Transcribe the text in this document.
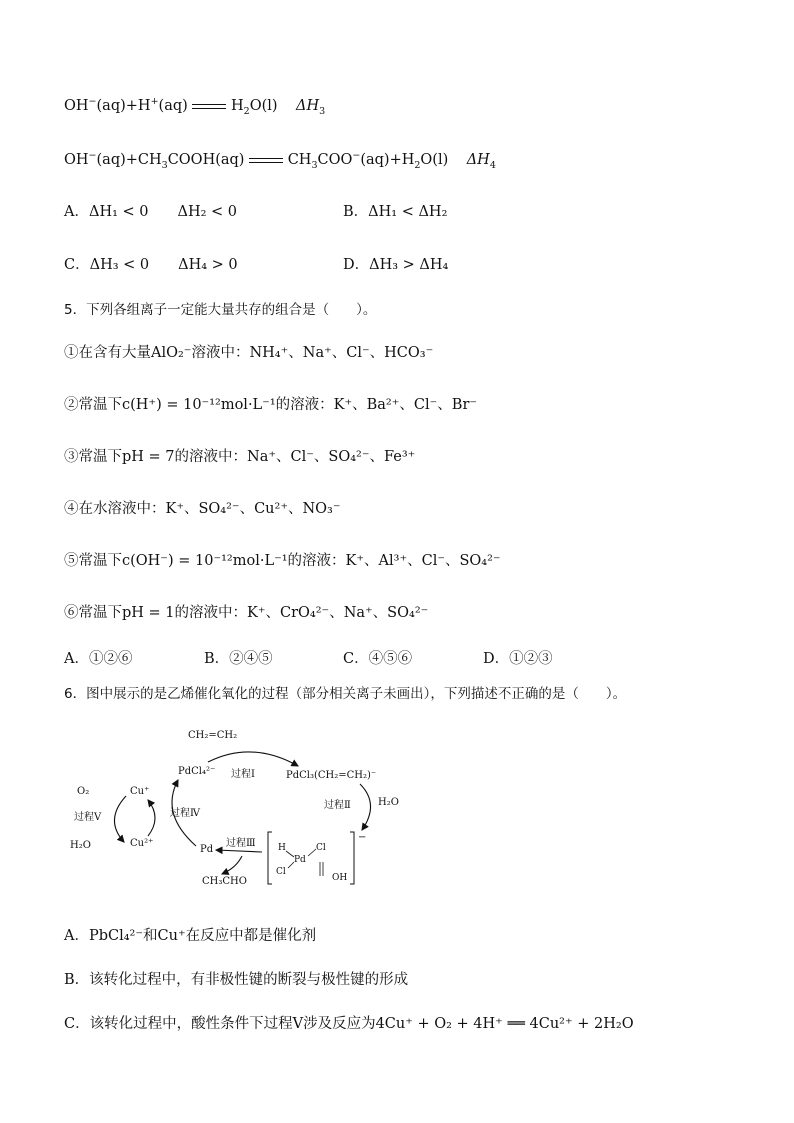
OH−(aq)+H+(aq)	$H_2O(l)$ $\Delta H_3$
$OH^-(aq)+CH_3COOH(aq)$	$CH_3COO^-(aq)+H_2O(l)$ $\Delta H_4$
A．ΔH₁ < 0　　ΔH₂ < 0	B．ΔH₁ < ΔH₂
C．ΔH₃ < 0　　ΔH₄ > 0	D．ΔH₃ > ΔH₄
5．下列各组离子一定能大量共存的组合是（　　）。
①在含有大量AlO₂⁻溶液中：NH₄⁺、Na⁺、Cl⁻、HCO₃⁻
②常温下c(H⁺) = 10⁻¹²mol·L⁻¹的溶液：K⁺、Ba²⁺、Cl⁻、Br⁻
③常温下pH = 7的溶液中：Na⁺、Cl⁻、SO₄²⁻、Fe³⁺
④在水溶液中：K⁺、SO₄²⁻、Cu²⁺、NO₃⁻
⑤常温下c(OH⁻) = 10⁻¹²mol·L⁻¹的溶液：K⁺、Al³⁺、Cl⁻、SO₄²⁻
⑥常温下pH = 1的溶液中：K⁺、CrO₄²⁻、Na⁺、SO₄²⁻
A．①②⑥	B．②④⑤	C．④⑤⑥	D．①②③
6．图中展示的是乙烯催化氧化的过程（部分相关离子未画出），下列描述不正确的是（　　）。
CH₂=CH₂
PdCl₄²⁻ 过程Ⅰ	PdCl₃(CH₂=CH₂)⁻
过程Ⅱ	H₂O
O₂	Cu⁺
过程Ⅴ
H₂O	Cu²⁺
过程Ⅳ
Pd
过程Ⅲ
CH₃CHO
−
H
Pd
Cl
Cl
OH
A．PbCl₄²⁻和Cu⁺在反应中都是催化剂
B．该转化过程中，有非极性键的断裂与极性键的形成
C．该转化过程中，酸性条件下过程Ⅴ涉及反应为4Cu⁺ + O₂ + 4H⁺ ══ 4Cu²⁺ + 2H₂O
